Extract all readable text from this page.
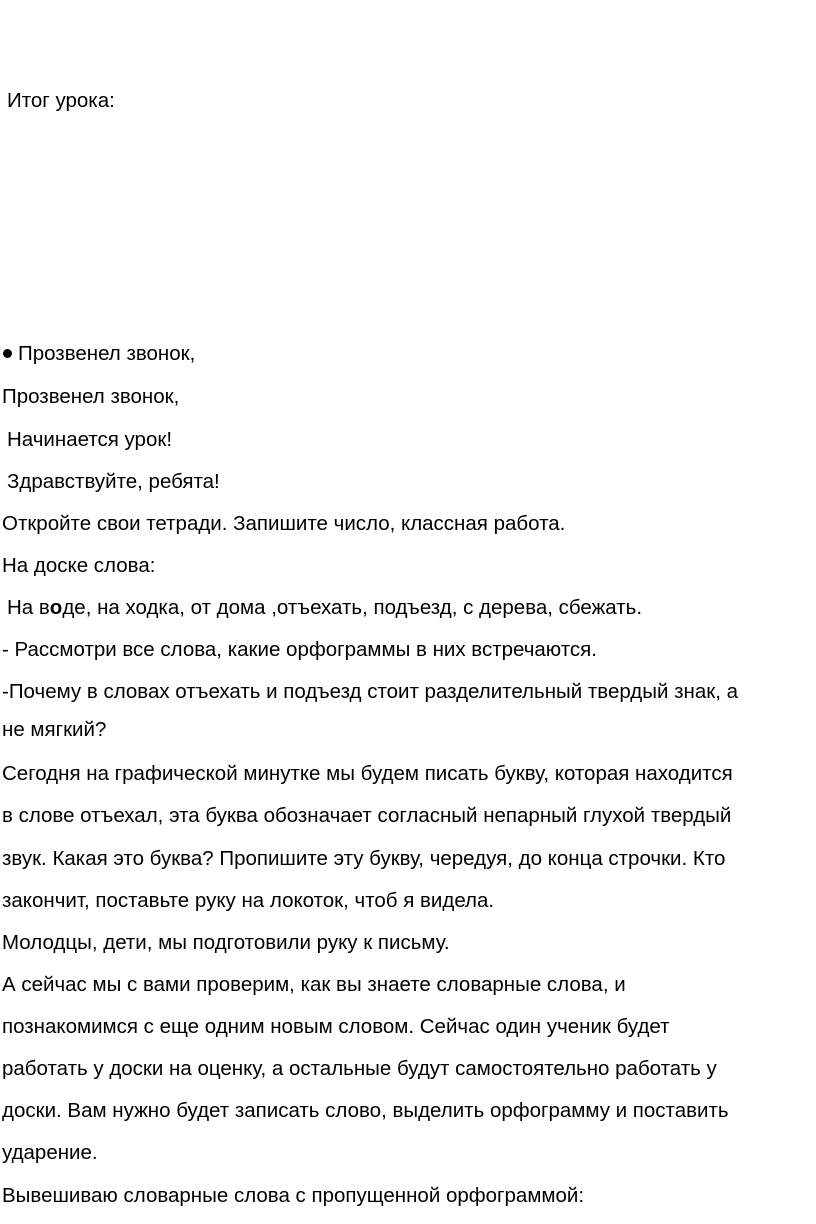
Итог урока:
Прозвенел звонок,
Прозвенел звонок,
Начинается урок!
Здравствуйте, ребята!
Откройте свои тетради. Запишите число, классная работа.
На доске слова:
На воде, на ходка, от дома ,отъехать, подъезд, с дерева, сбежать.
- Рассмотри все слова, какие орфограммы в них встречаются.
-Почему в словах отъехать и подъезд стоит разделительный твердый знак, а
не мягкий?
Сегодня на графической минутке мы будем писать букву, которая находится
в слове отъехал, эта буква обозначает согласный непарный глухой твердый
звук. Какая это буква? Пропишите эту букву, чередуя, до конца строчки. Кто
закончит, поставьте руку на локоток, чтоб я видела.
Молодцы, дети, мы подготовили руку к письму.
А сейчас мы с вами проверим, как вы знаете словарные слова, и
познакомимся с еще одним новым словом. Сейчас один ученик будет
работать у доски на оценку, а остальные будут самостоятельно работать у
доски. Вам нужно будет записать слово, выделить орфограмму и поставить
ударение.
Вывешиваю словарные слова с пропущенной орфограммой:
